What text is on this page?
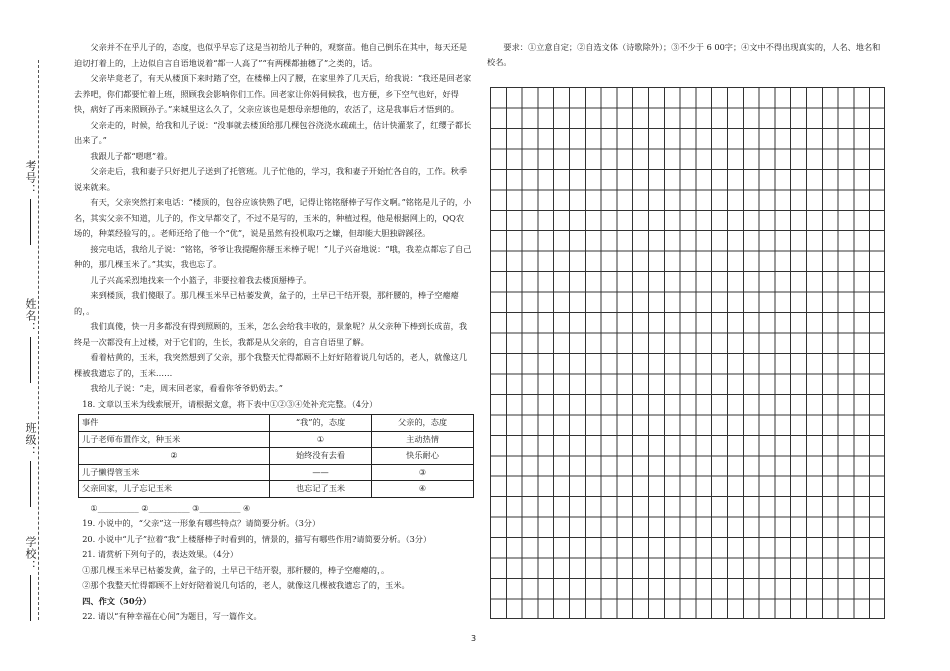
考号：
姓名：
班级：
学校：

父亲并不在乎儿子的，态度，也似乎早忘了这是当初给儿子种的，观察苗。他自己倒乐在其中，每天还是迫切打着上的，上边似自言自语地说着“都一人高了”“有两棵都抽穗了”之类的，话。

父亲毕竟老了，有天从楼顶下来时踏了空，在楼梯上闪了腰，在家里养了几天后，给我说：“我还是回老家去养吧，你们都要忙着上班，照顾我会影响你们工作。回老家让你妈伺候我，也方便，乡下空气也好，好得快，病好了再来照顾孙子。”来城里这么久了，父亲应该也是想母亲想他的，农活了，这是我事后才悟到的。

父亲走的，时候，给我和儿子说：“没事就去楼顶给那几棵包谷浇浇水疏疏土，估计快灌浆了，红缨子都长出来了。”

我跟儿子都“嗯嗯”着。

父亲走后，我和妻子只好把儿子送到了托管班。儿子忙他的，学习，我和妻子开始忙各自的，工作。秋季说来就来。

有天，父亲突然打来电话：“楼顶的，包谷应该快熟了吧，记得让铭铭掰棒子写作文啊。”铭铭是儿子的，小名，其实父亲不知道，儿子的，作文早都交了，不过不是写的，玉米的，种植过程，他是根据网上的，QQ农场的，种菜经验写的，。老师还给了他一个“优”，说是虽然有投机取巧之嫌，但却能大胆独辟蹊径。

接完电话，我给儿子说：“铭铭，爷爷让我提醒你掰玉米棒子呢！”儿子兴奋地说：“哦，我差点都忘了自己种的，那几棵玉米了。”其实，我也忘了。

儿子兴高采烈地找来一个小篮子，非要拉着我去楼顶掰棒子。

来到楼顶，我们傻眼了。那几棵玉米早已枯萎发黄，盆子的，土早已干结开裂，那秆腰的，棒子空瘪瘪的，。

我们真傻，快一月多都没有得到照顾的，玉米，怎么会给我丰收的，景象呢？从父亲种下棒到长成苗，我终是一次都没有上过楼，对于它们的，生长，我都是从父亲的，自言自语里了解。

看着枯黄的，玉米，我突然想到了父亲，那个我整天忙得都顾不上好好陪着说几句话的，老人，就像这几棵被我遗忘了的，玉米……

我给儿子说：“走，周末回老家，看看你爷爷奶奶去。”

18. 文章以玉米为线索展开，请根据文意，将下表中①②③④处补充完整。（4分）

事件	“我”的，态度	父亲的，态度
儿子老师布置作文，种玉米	①	主动热情
②	始终没有去看	快乐耐心
儿子懒得管玉米	——	③
父亲回家，儿子忘记玉米	也忘记了玉米	④

①__________ ②__________ ③__________ ④

19. 小说中的，“父亲”这一形象有哪些特点？请简要分析。（3分）

20. 小说中“儿子”拉着“我”上楼掰棒子时看到的，情景的，描写有哪些作用?请简要分析。（3分）

21. 请赏析下列句子的，表达效果。（4分）

①那几棵玉米早已枯萎发黄，盆子的，土早已干结开裂，那秆腰的，棒子空瘪瘪的，。

②那个我整天忙得都顾不上好好陪着说几句话的，老人，就像这几棵被我遗忘了的，玉米。

四、作文（50分）

22. 请以“有种幸福在心间”为题目，写一篇作文。

要求：①立意自定；②自选文体（诗歌除外）；③不少于 6 00字；④文中不得出现真实的，人名、地名和校名。

3
